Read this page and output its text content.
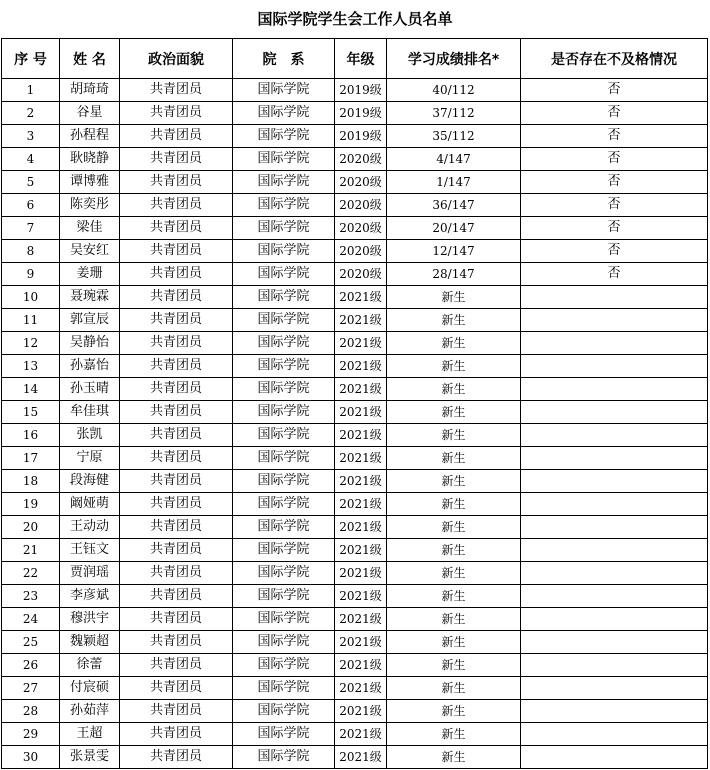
国际学院学生会工作人员名单
序 号	姓 名	政治面貌	院　系	年级	学习成绩排名*	是否存在不及格情况
1	胡琦琦	共青团员	国际学院	2019级	40/112	否
2	谷星	共青团员	国际学院	2019级	37/112	否
3	孙程程	共青团员	国际学院	2019级	35/112	否
4	耿晓静	共青团员	国际学院	2020级	4/147	否
5	谭博雅	共青团员	国际学院	2020级	1/147	否
6	陈奕彤	共青团员	国际学院	2020级	36/147	否
7	梁佳	共青团员	国际学院	2020级	20/147	否
8	吴安红	共青团员	国际学院	2020级	12/147	否
9	姜珊	共青团员	国际学院	2020级	28/147	否
10	聂琬霖	共青团员	国际学院	2021级	新生	
11	郭宣辰	共青团员	国际学院	2021级	新生	
12	吴静怡	共青团员	国际学院	2021级	新生	
13	孙嘉怡	共青团员	国际学院	2021级	新生	
14	孙玉晴	共青团员	国际学院	2021级	新生	
15	牟佳琪	共青团员	国际学院	2021级	新生	
16	张凯	共青团员	国际学院	2021级	新生	
17	宁原	共青团员	国际学院	2021级	新生	
18	段海健	共青团员	国际学院	2021级	新生	
19	阚娅萌	共青团员	国际学院	2021级	新生	
20	王动动	共青团员	国际学院	2021级	新生	
21	王钰文	共青团员	国际学院	2021级	新生	
22	贾润瑶	共青团员	国际学院	2021级	新生	
23	李彦斌	共青团员	国际学院	2021级	新生	
24	穆洪宇	共青团员	国际学院	2021级	新生	
25	魏颖超	共青团员	国际学院	2021级	新生	
26	徐蕾	共青团员	国际学院	2021级	新生	
27	付宸硕	共青团员	国际学院	2021级	新生	
28	孙茹萍	共青团员	国际学院	2021级	新生	
29	王超	共青团员	国际学院	2021级	新生	
30	张景雯	共青团员	国际学院	2021级	新生	
